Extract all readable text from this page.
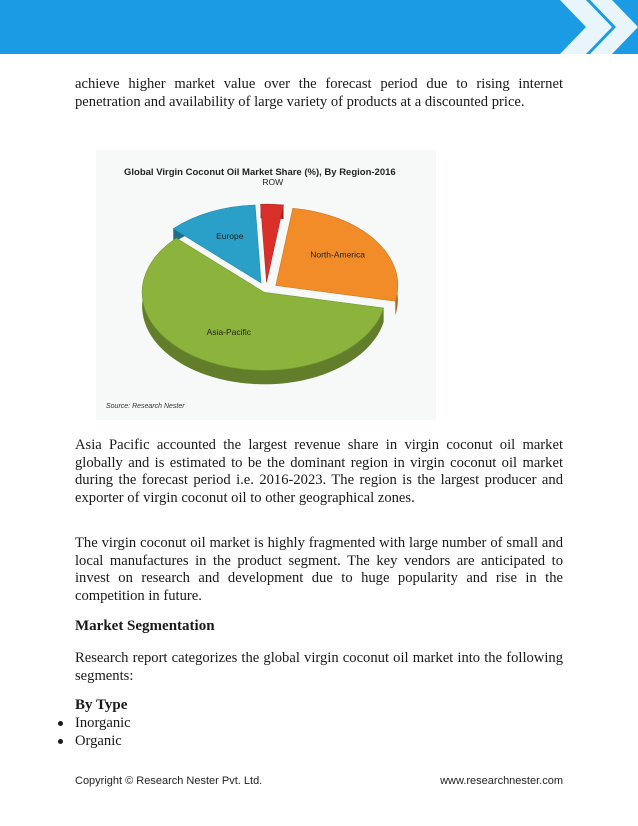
achieve higher market value over the forecast period due to rising internet penetration and availability of large variety of products at a discounted price.

Global Virgin Coconut Oil Market Share (%), By Region-2016
North-America
Asia-Pacific
Europe
ROW
Source: Research Nester

Asia Pacific accounted the largest revenue share in virgin coconut oil market globally and is estimated to be the dominant region in virgin coconut oil market during the forecast period i.e. 2016-2023. The region is the largest producer and exporter of virgin coconut oil to other geographical zones.

The virgin coconut oil market is highly fragmented with large number of small and local manufactures in the product segment. The key vendors are anticipated to invest on research and development due to huge popularity and rise in the competition in future.

Market Segmentation

Research report categorizes the global virgin coconut oil market into the following segments:

By Type

Inorganic
Organic
Copyright © Research Nester Pvt. Ltd.	www.researchnester.com
